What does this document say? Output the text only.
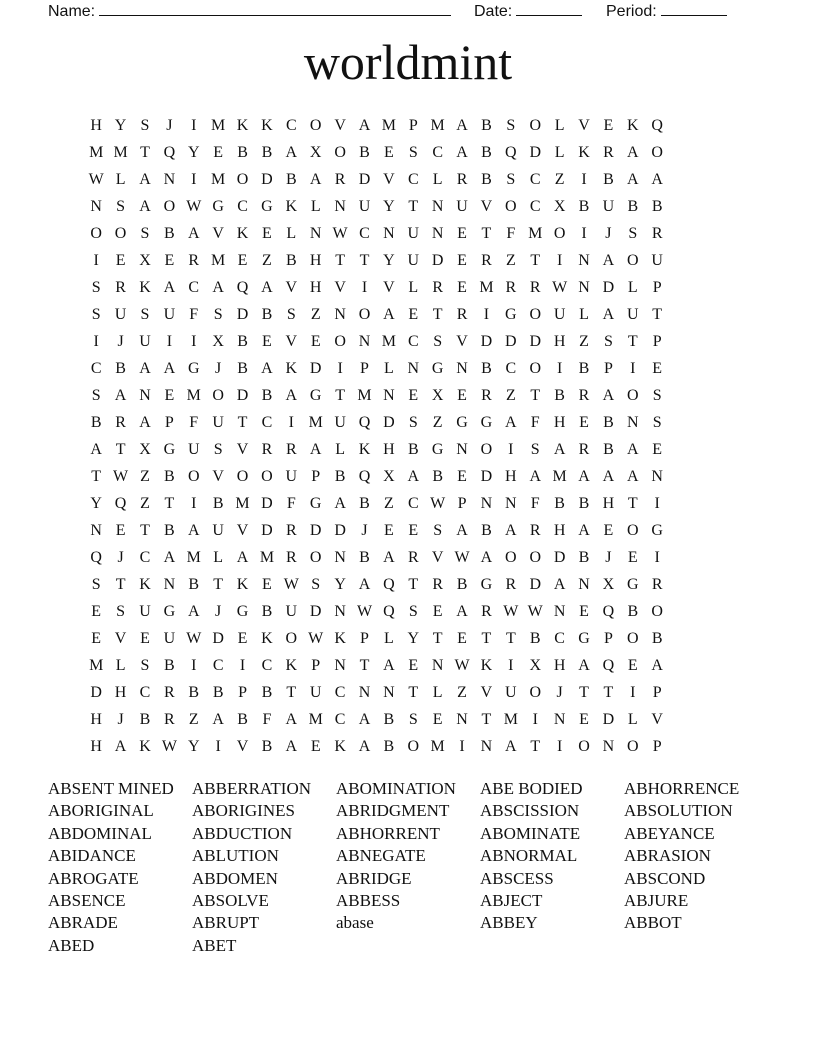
Name:	Date:	Period:
worldmint
H Y S	J	I M K K C O V A M P M A B S O L V E K Q
M M T Q Y E B B A X O B E S C A B Q D L K R A O
W L A N I M O D B A R D V C L R B S C Z	I	B A A
N S A O W G C G K L N U Y T N U V O C X B U B B
O O S B A V K E L N W C N U N E T F M O I	J	S R
I	E X E R M E Z B H T T Y U D E R Z T	I N A O U
S R K A C A Q A V H V I V L R E M R R W N D L P
S U S U F S D B S Z N O A E T R	I G O U L A U T
I	J U I	I X B E V E O N M C S V D D D H Z S T P
C B A A G J B A K D I	P L N G N B C O I	B P	I	E
S A N E M O D B A G T M N E X E R Z T B R A O S
B R A P F U T C	I M U Q D S Z G G A F H E B N S
A T X G U S V R R A L K H B G N O I	S A R B A E
T W Z B O V O O U P B Q X A B E D H A M A A A N
Y Q Z T	I	B M D F G A B Z C W P N N F B B H T	I
N E T B A U V D R D D J	E E S A B A R H A E O G
Q J C A M L A M R O N B A R V W A O O D B J	E	I
S T K N B T K E W S Y A Q T R B G R D A N X G R
E S U G A J G B U D N W Q S E A R W W N E Q B O
E V E U W D E K O W K P L Y T E T T B C G P O B
M L S B	I	C	I	C K P N T A E N W K I X H A Q E A
D H C R B B P B T U C N N T L Z V U O J	T T	I	P
H J B R Z A B F A M C A B S E N T M I N E D L V
H A K W Y I V B A E K A B O M I N A T	I O N O P
ABSENT MINED	ABBERRATION	ABOMINATION	ABE BODIED	ABHORRENCE
ABORIGINAL	ABORIGINES	ABRIDGMENT	ABSCISSION	ABSOLUTION
ABDOMINAL	ABDUCTION	ABHORRENT	ABOMINATE	ABEYANCE
ABIDANCE	ABLUTION	ABNEGATE	ABNORMAL	ABRASION
ABROGATE	ABDOMEN	ABRIDGE	ABSCESS	ABSCOND
ABSENCE	ABSOLVE	ABBESS	ABJECT	ABJURE
ABRADE	ABRUPT	abase	ABBEY	ABBOT
ABED	ABET
